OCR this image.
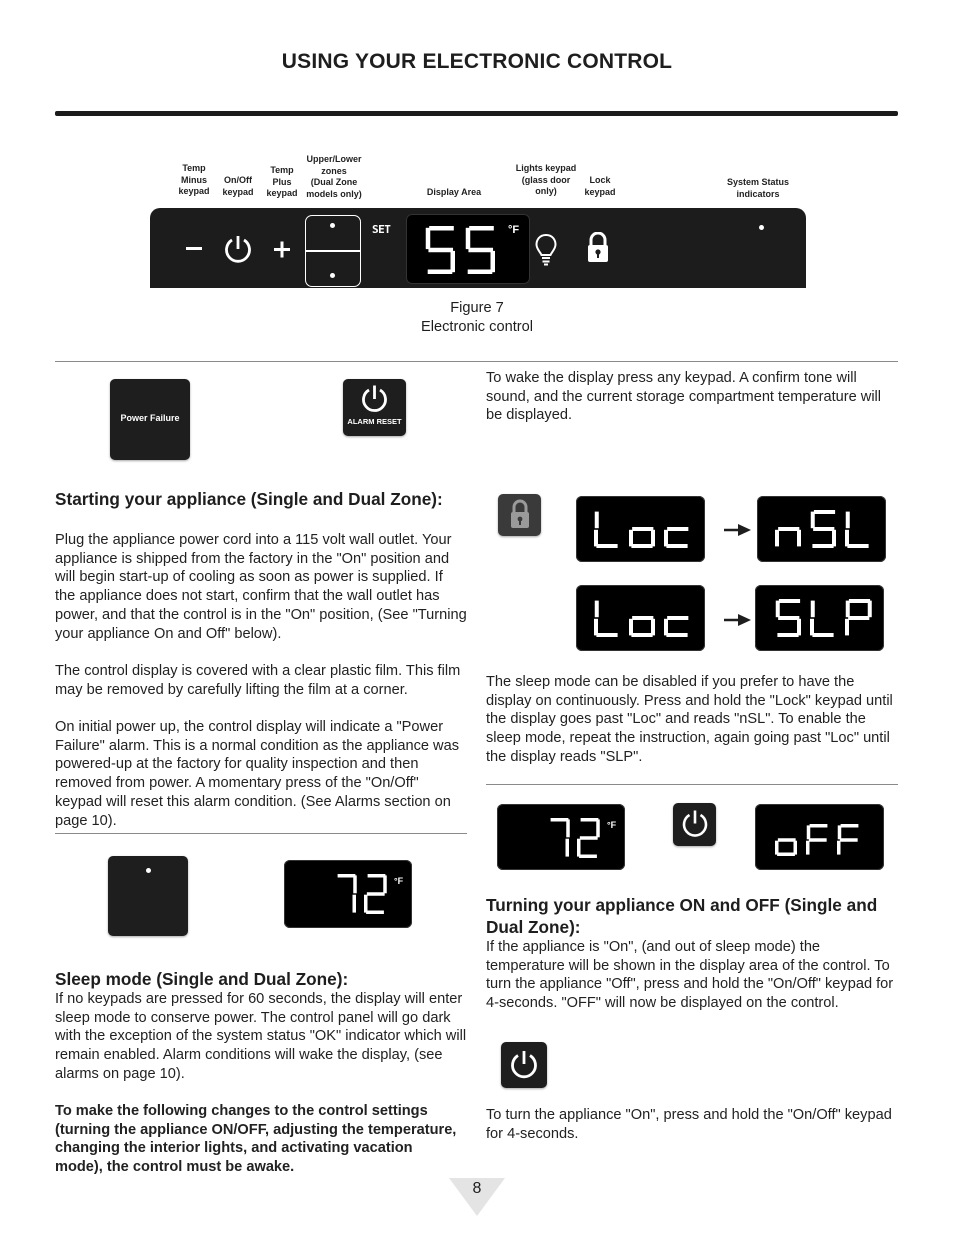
USING YOUR ELECTRONIC CONTROL
Temp
Minus
keypad
On/Off
keypad
Temp
Plus
keypad
Upper/Lower
zones
(Dual Zone
models only)	Display Area
Lights keypad
(glass door
only)
Lock
keypad
System Status
indicators
SET	°F
Figure 7
Electronic control
Power Failure	ALARM RESET
To wake the display press any keypad. A confirm tone will sound, and the current storage compartment temperature will be displayed.
Starting your appliance (Single and Dual Zone):
Plug the appliance power cord into a 115 volt wall outlet. Your appliance is shipped from the factory in the "On" position and will begin start-up of cooling as soon as power is supplied. If the appliance does not start, confirm that the wall outlet has power, and that the control is in the "On" position, (See "Turning your appliance On and Off" below).
The control display is covered with a clear plastic film. This film may be removed by carefully lifting the film at a corner.
On initial power up, the control display will indicate a "Power Failure" alarm. This is a normal condition as the appliance was powered-up at the factory for quality inspection and then removed from power. A momentary press of the "On/Off" keypad will reset this alarm condition. (See Alarms section on page 10).
The sleep mode can be disabled if you prefer to have the display on continuously. Press and hold the "Lock" keypad until the display goes past "Loc" and reads "nSL". To enable the sleep mode, repeat the instruction, again going past "Loc" until the display reads "SLP".
°F
Sleep mode (Single and Dual Zone):
If no keypads are pressed for 60 seconds, the display will enter sleep mode to conserve power. The control panel will go dark with the exception of the system status "OK" indicator which will remain enabled. Alarm conditions will wake the display, (see alarms on page 10).
To make the following changes to the control settings (turning the appliance ON/OFF, adjusting the temperature, changing the interior lights, and activating vacation mode), the control must be awake.
°F
Turning your appliance ON and OFF (Single and Dual Zone):
If the appliance is "On", (and out of sleep mode) the temperature will be shown in the display area of the control. To turn the appliance "Off", press and hold the "On/Off" keypad for 4-seconds. "OFF" will now be displayed on the control.
To turn the appliance "On", press and hold the "On/Off" keypad for 4-seconds.
8
